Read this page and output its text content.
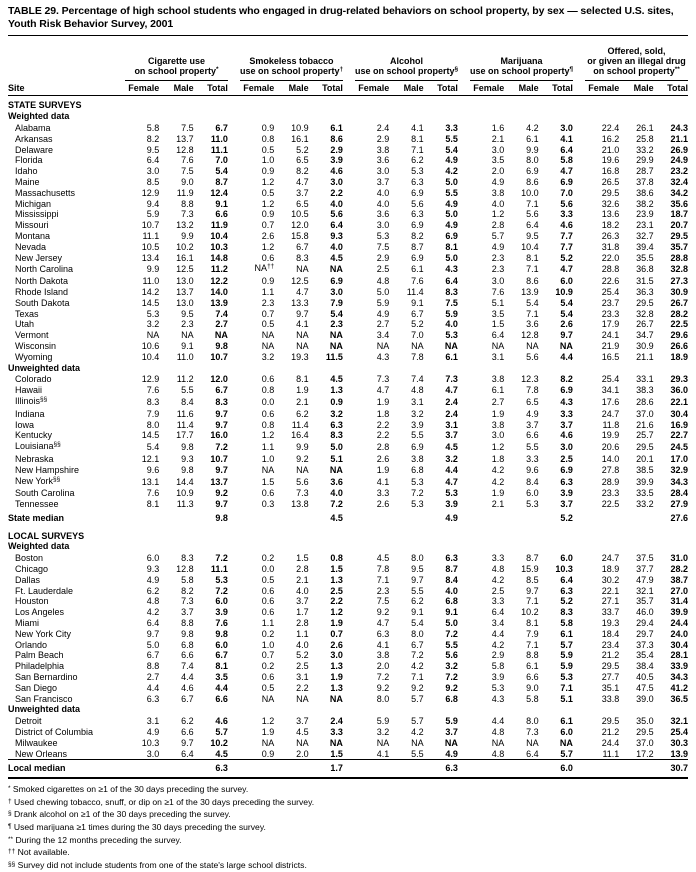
TABLE 29. Percentage of high school students who engaged in drug-related behaviors on school property, by sex — selected U.S. sites, Youth Risk Behavior Survey, 2001
	Cigarette use
on school property*				Smokeless tobacco
use on school property†				Alcohol
use on school property§				Marijuana
use on school property¶				Offered, sold,
or given an illegal drug
on school property**
Site	Female	Male	Total		Female	Male	Total		Female	Male	Total		Female	Male	Total		Female	Male	Total
STATE SURVEYS																			
Weighted data																			
Alabama	5.8	7.5	6.7		0.9	10.9	6.1		2.4	4.1	3.3		1.6	4.2	3.0		22.4	26.1	24.3
Arkansas	8.2	13.7	11.0		0.8	16.1	8.6		2.9	8.1	5.5		2.1	6.1	4.1		16.2	25.8	21.1
Delaware	9.5	12.8	11.1		0.5	5.2	2.9		3.8	7.1	5.4		3.0	9.9	6.4		21.0	33.2	26.9
Florida	6.4	7.6	7.0		1.0	6.5	3.9		3.6	6.2	4.9		3.5	8.0	5.8		19.6	29.9	24.9
Idaho	3.0	7.5	5.4		0.9	8.2	4.6		3.0	5.3	4.2		2.0	6.9	4.7		16.8	28.7	23.2
Maine	8.5	9.0	8.7		1.2	4.7	3.0		3.7	6.3	5.0		4.9	8.6	6.9		26.5	37.8	32.4
Massachusetts	12.9	11.9	12.4		0.5	3.7	2.2		4.0	6.9	5.5		3.8	10.0	7.0		29.5	38.6	34.2
Michigan	9.4	8.8	9.1		1.2	6.5	4.0		4.0	5.6	4.9		4.0	7.1	5.6		32.6	38.2	35.6
Mississippi	5.9	7.3	6.6		0.9	10.5	5.6		3.6	6.3	5.0		1.2	5.6	3.3		13.6	23.9	18.7
Missouri	10.7	13.2	11.9		0.7	12.0	6.4		3.0	6.9	4.9		2.8	6.4	4.6		18.2	23.1	20.7
Montana	11.1	9.9	10.4		2.6	15.8	9.3		5.3	8.2	6.9		5.7	9.5	7.7		26.3	32.7	29.5
Nevada	10.5	10.2	10.3		1.2	6.7	4.0		7.5	8.7	8.1		4.9	10.4	7.7		31.8	39.4	35.7
New Jersey	13.4	16.1	14.8		0.6	8.3	4.5		2.9	6.9	5.0		2.3	8.1	5.2		22.0	35.5	28.8
North Carolina	9.9	12.5	11.2		NA††	NA	NA		2.5	6.1	4.3		2.3	7.1	4.7		28.8	36.8	32.8
North Dakota	11.0	13.0	12.2		0.9	12.5	6.9		4.8	7.6	6.4		3.0	8.6	6.0		22.6	31.5	27.3
Rhode Island	14.2	13.7	14.0		1.1	4.7	3.0		5.0	11.4	8.3		7.6	13.9	10.9		25.4	36.3	30.9
South Dakota	14.5	13.0	13.9		2.3	13.3	7.9		5.9	9.1	7.5		5.1	5.4	5.4		23.7	29.5	26.7
Texas	5.3	9.5	7.4		0.7	9.7	5.4		4.9	6.7	5.9		3.5	7.1	5.4		23.3	32.8	28.2
Utah	3.2	2.3	2.7		0.5	4.1	2.3		2.7	5.2	4.0		1.5	3.6	2.6		17.9	26.7	22.5
Vermont	NA	NA	NA		NA	NA	NA		3.4	7.0	5.3		6.4	12.8	9.7		24.1	34.7	29.6
Wisconsin	10.6	9.1	9.8		NA	NA	NA		NA	NA	NA		NA	NA	NA		21.9	30.9	26.6
Wyoming	10.4	11.0	10.7		3.2	19.3	11.5		4.3	7.8	6.1		3.1	5.6	4.4		16.5	21.1	18.9
Unweighted data																			
Colorado	12.9	11.2	12.0		0.6	8.1	4.5		7.3	7.4	7.3		3.8	12.3	8.2		25.4	33.1	29.3
Hawaii	7.6	5.5	6.7		0.8	1.9	1.3		4.7	4.8	4.7		6.1	7.8	6.9		34.1	38.3	36.0
Illinois§§	8.3	8.4	8.3		0.0	2.1	0.9		1.9	3.1	2.4		2.7	6.5	4.3		17.6	28.6	22.1
Indiana	7.9	11.6	9.7		0.6	6.2	3.2		1.8	3.2	2.4		1.9	4.9	3.3		24.7	37.0	30.4
Iowa	8.0	11.4	9.7		0.8	11.4	6.3		2.2	3.9	3.1		3.8	3.7	3.7		11.8	21.6	16.9
Kentucky	14.5	17.7	16.0		1.2	16.4	8.3		2.2	5.5	3.7		3.0	6.6	4.6		19.9	25.7	22.7
Louisiana§§	5.4	9.8	7.2		1.1	9.9	5.0		2.8	6.9	4.5		1.2	5.5	3.0		20.6	29.5	24.5
Nebraska	12.1	9.3	10.7		1.0	9.2	5.1		2.6	3.8	3.2		1.8	3.3	2.5		14.0	20.1	17.0
New Hampshire	9.6	9.8	9.7		NA	NA	NA		1.9	6.8	4.4		4.2	9.6	6.9		27.8	38.5	32.9
New York§§	13.1	14.4	13.7		1.5	5.6	3.6		4.1	5.3	4.7		4.2	8.4	6.3		28.9	39.9	34.3
South Carolina	7.6	10.9	9.2		0.6	7.3	4.0		3.3	7.2	5.3		1.9	6.0	3.9		23.3	33.5	28.4
Tennessee	8.1	11.3	9.7		0.3	13.8	7.2		2.6	5.3	3.9		2.1	5.3	3.7		22.5	33.2	27.9
State median			9.8				4.5				4.9				5.2				27.6
LOCAL SURVEYS																			
Weighted data																			
Boston	6.0	8.3	7.2		0.2	1.5	0.8		4.5	8.0	6.3		3.3	8.7	6.0		24.7	37.5	31.0
Chicago	9.3	12.8	11.1		0.0	2.8	1.5		7.8	9.5	8.7		4.8	15.9	10.3		18.9	37.7	28.2
Dallas	4.9	5.8	5.3		0.5	2.1	1.3		7.1	9.7	8.4		4.2	8.5	6.4		30.2	47.9	38.7
Ft. Lauderdale	6.2	8.2	7.2		0.6	4.0	2.5		2.3	5.5	4.0		2.5	9.7	6.3		22.1	32.1	27.0
Houston	4.8	7.3	6.0		0.6	3.7	2.2		7.5	6.2	6.8		3.3	7.1	5.2		27.1	35.7	31.4
Los Angeles	4.2	3.7	3.9		0.6	1.7	1.2		9.2	9.1	9.1		6.4	10.2	8.3		33.7	46.0	39.9
Miami	6.4	8.8	7.6		1.1	2.8	1.9		4.7	5.4	5.0		3.4	8.1	5.8		19.3	29.4	24.4
New York City	9.7	9.8	9.8		0.2	1.1	0.7		6.3	8.0	7.2		4.4	7.9	6.1		18.4	29.7	24.0
Orlando	5.0	6.8	6.0		1.0	4.0	2.6		4.1	6.7	5.5		4.2	7.1	5.7		23.4	37.3	30.4
Palm Beach	6.7	6.6	6.7		0.7	5.2	3.0		3.8	7.2	5.6		2.9	8.8	5.9		21.2	35.4	28.1
Philadelphia	8.8	7.4	8.1		0.2	2.5	1.3		2.0	4.2	3.2		5.8	6.1	5.9		29.5	38.4	33.9
San Bernardino	2.7	4.4	3.5		0.6	3.1	1.9		7.2	7.1	7.2		3.9	6.6	5.3		27.7	40.5	34.3
San Diego	4.4	4.6	4.4		0.5	2.2	1.3		9.2	9.2	9.2		5.3	9.0	7.1		35.1	47.5	41.2
San Francisco	6.3	6.7	6.6		NA	NA	NA		8.0	5.7	6.8		4.3	5.8	5.1		33.8	39.0	36.5
Unweighted data																			
Detroit	3.1	6.2	4.6		1.2	3.7	2.4		5.9	5.7	5.9		4.4	8.0	6.1		29.5	35.0	32.1
District of Columbia	4.9	6.6	5.7		1.9	4.5	3.3		3.2	4.2	3.7		4.8	7.3	6.0		21.2	29.5	25.4
Milwaukee	10.3	9.7	10.2		NA	NA	NA		NA	NA	NA		NA	NA	NA		24.4	37.0	30.3
New Orleans	3.0	6.4	4.5		0.9	2.0	1.5		4.1	5.5	4.9		4.8	6.4	5.7		11.1	17.2	13.9
Local median			6.3				1.7				6.3				6.0				30.7
* Smoked cigarettes on ≥1 of the 30 days preceding the survey.
† Used chewing tobacco, snuff, or dip on ≥1 of the 30 days preceding the survey.
§ Drank alcohol on ≥1 of the 30 days preceding the survey.
¶ Used marijuana ≥1 times during the 30 days preceding the survey.
** During the 12 months preceding the survey.
†† Not available.
§§ Survey did not include students from one of the state's large school districts.
